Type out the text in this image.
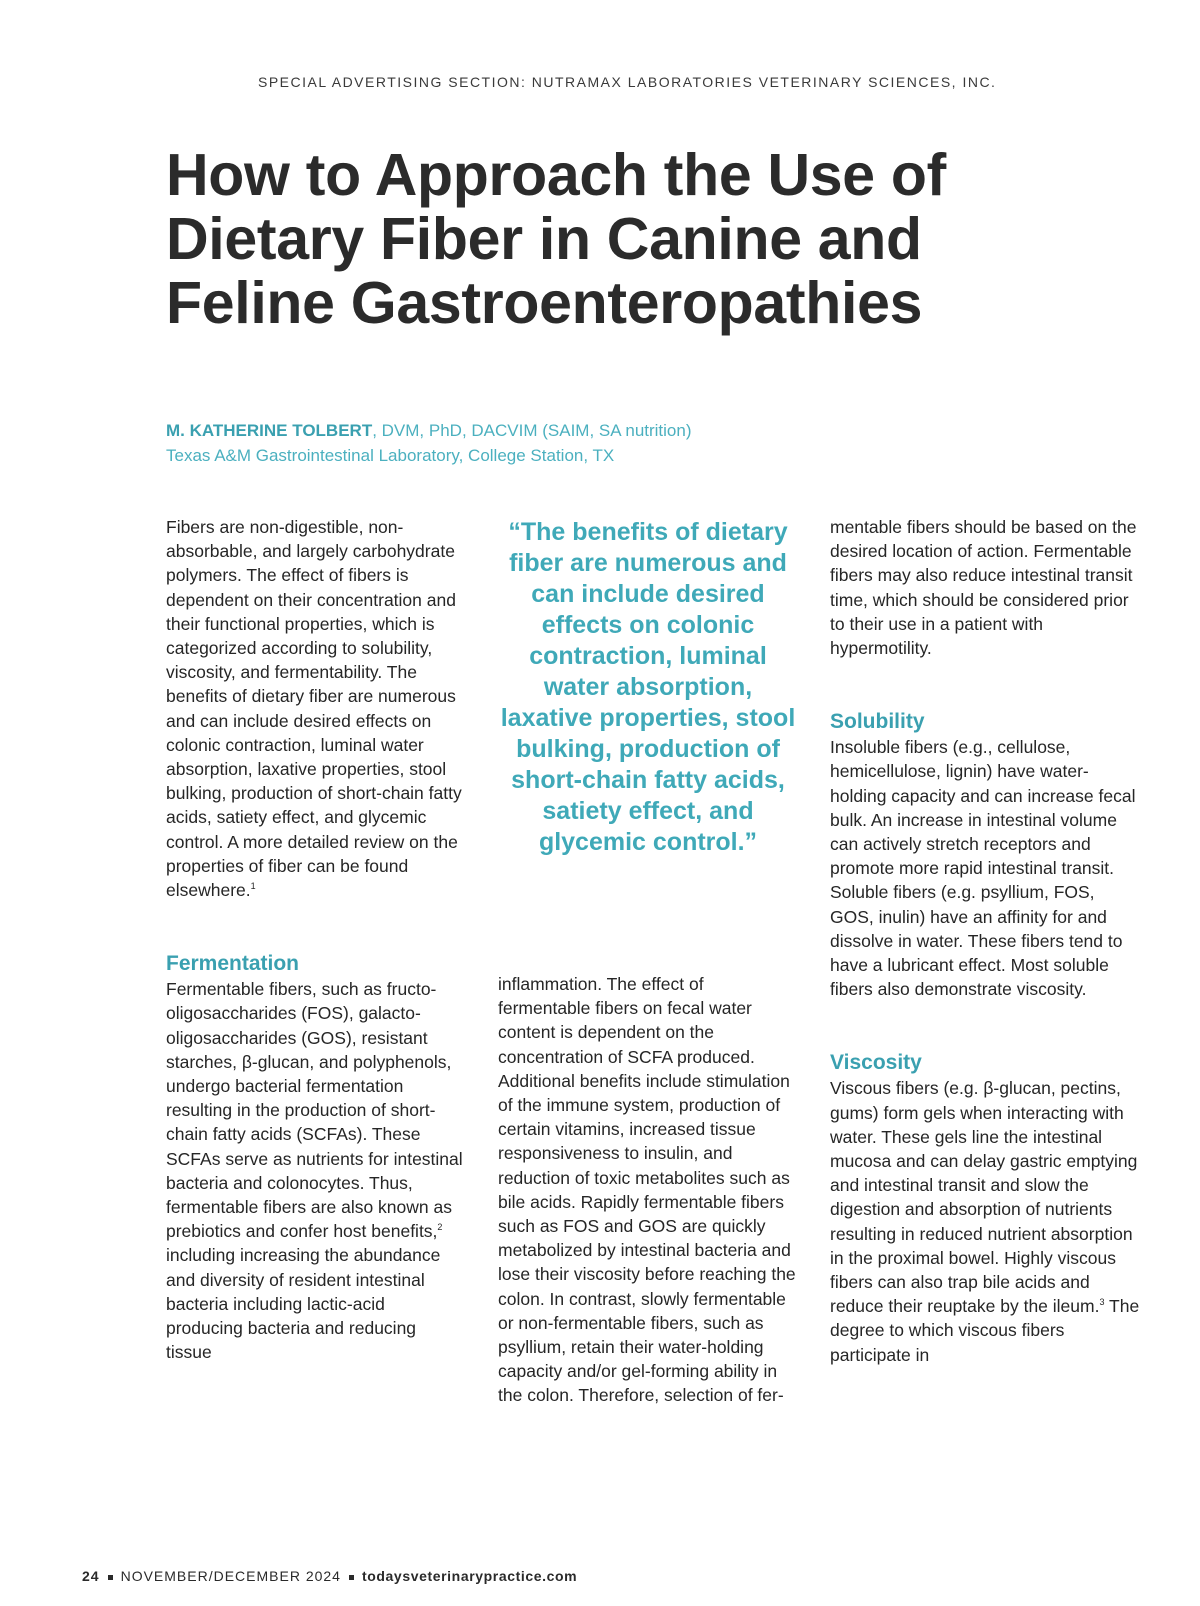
SPECIAL ADVERTISING SECTION: NUTRAMAX LABORATORIES VETERINARY SCIENCES, INC.
How to Approach the Use of Dietary Fiber in Canine and Feline Gastroenteropathies
M. KATHERINE TOLBERT, DVM, PhD, DACVIM (SAIM, SA nutrition)
Texas A&M Gastrointestinal Laboratory, College Station, TX

Fibers are non-digestible, non-absorbable, and largely carbohydrate polymers. The effect of fibers is dependent on their concentration and their functional properties, which is categorized according to solubility, viscosity, and fermentability. The benefits of dietary fiber are numerous and can include desired effects on colonic contraction, luminal water absorption, laxative properties, stool bulking, production of short-chain fatty acids, satiety effect, and glycemic control. A more detailed review on the properties of fiber can be found elsewhere.$^1$

Fermentation

Fermentable fibers, such as fructo-oligosaccharides (FOS), galacto-oligosaccharides (GOS), resistant starches, β-glucan, and polyphenols, undergo bacterial fermentation resulting in the production of short-chain fatty acids (SCFAs). These SCFAs serve as nutrients for intestinal bacteria and colonocytes. Thus, fermentable fibers are also known as prebiotics and confer host benefits,$^2$ including increasing the abundance and diversity of resident intestinal bacteria including lactic-acid producing bacteria and reducing tissue

“The benefits of dietary fiber are numerous and can include desired effects on colonic contraction, luminal water absorption, laxative properties, stool bulking, production of short-chain fatty acids, satiety effect, and glycemic control.”

inflammation. The effect of fermentable fibers on fecal water content is dependent on the concentration of SCFA produced. Additional benefits include stimulation of the immune system, production of certain vitamins, increased tissue responsiveness to insulin, and reduction of toxic metabolites such as bile acids. Rapidly fermentable fibers such as FOS and GOS are quickly metabolized by intestinal bacteria and lose their viscosity before reaching the colon. In contrast, slowly fermentable or non-fermentable fibers, such as psyllium, retain their water-holding capacity and/or gel-forming ability in the colon. Therefore, selection of fer-

mentable fibers should be based on the desired location of action. Fermentable fibers may also reduce intestinal transit time, which should be considered prior to their use in a patient with hypermotility.

Solubility

Insoluble fibers (e.g., cellulose, hemicellulose, lignin) have water-holding capacity and can increase fecal bulk. An increase in intestinal volume can actively stretch receptors and promote more rapid intestinal transit. Soluble fibers (e.g. psyllium, FOS, GOS, inulin) have an affinity for and dissolve in water. These fibers tend to have a lubricant effect. Most soluble fibers also demonstrate viscosity.

Viscosity

Viscous fibers (e.g. β-glucan, pectins, gums) form gels when interacting with water. These gels line the intestinal mucosa and can delay gastric emptying and intestinal transit and slow the digestion and absorption of nutrients resulting in reduced nutrient absorption in the proximal bowel. Highly viscous fibers can also trap bile acids and reduce their reuptake by the ileum.$^3$ The degree to which viscous fibers participate in

24 NOVEMBER/DECEMBER 2024 todaysveterinarypractice.com
